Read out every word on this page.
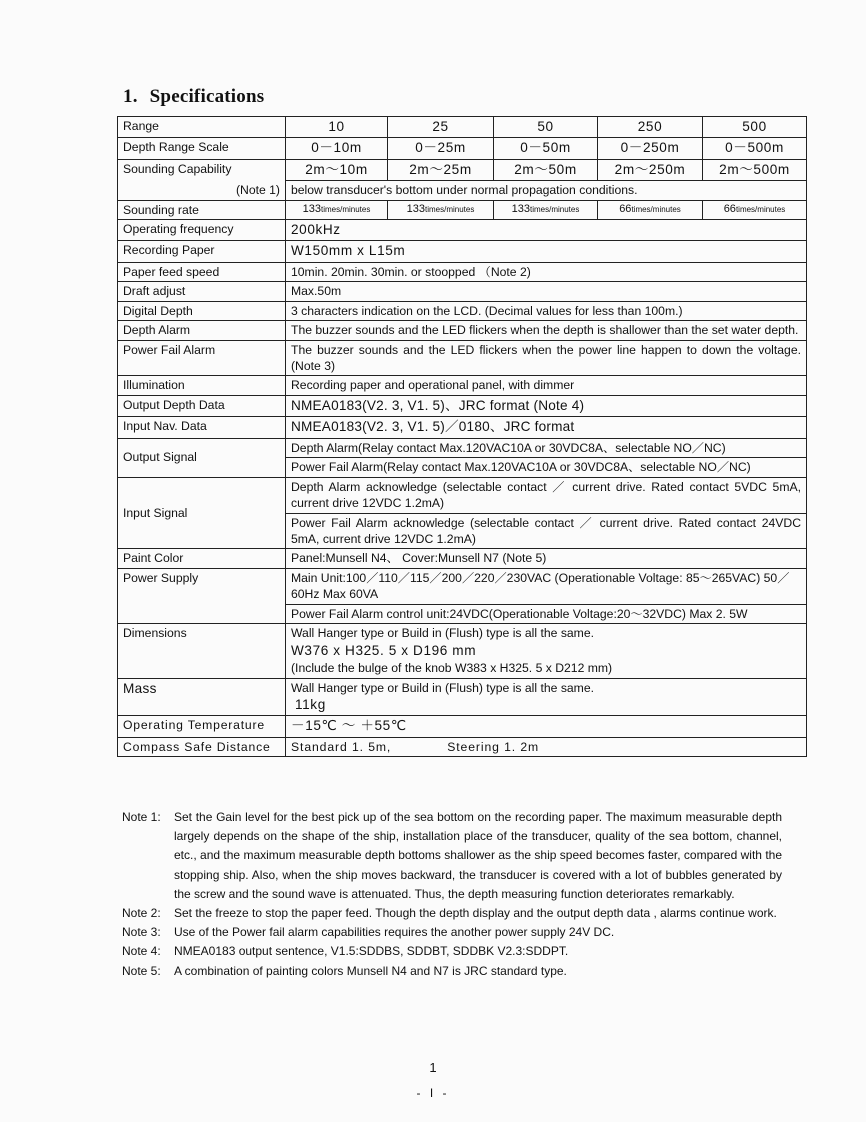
1. Specifications
Range	10	25	50	250	500
Depth Range Scale	0－10m	0－25m	0－50m	0－250m	0－500m
Sounding Capability	2m～10m	2m～25m	2m～50m	2m～250m	2m～500m
(Note 1)	below transducer's bottom under normal propagation conditions.				
Sounding rate	133times/minutes	133times/minutes	133times/minutes	66times/minutes	66times/minutes
Operating frequency	200kHz				
Recording Paper	W150mm x L15m				
Paper feed speed	10min. 20min. 30min. or stoopped （Note 2)				
Draft adjust	Max.50m				
Digital Depth	3 characters indication on the LCD. (Decimal values for less than 100m.)				
Depth Alarm	The buzzer sounds and the LED flickers when the depth is shallower than the set water depth.				
Power Fail Alarm	The buzzer sounds and the LED flickers when the power line happen to down the voltage. (Note 3)				
Illumination	Recording paper and operational panel, with dimmer				
Output Depth Data	NMEA0183(V2. 3, V1. 5)、JRC format (Note 4)				
Input Nav. Data	NMEA0183(V2. 3, V1. 5)／0180、JRC format				
Output Signal	Depth Alarm(Relay contact Max.120VAC10A or 30VDC8A、selectable NO／NC)				
	Power Fail Alarm(Relay contact Max.120VAC10A or 30VDC8A、selectable NO／NC)				
Input Signal	Depth Alarm acknowledge (selectable contact ／ current drive. Rated contact 5VDC 5mA, current drive 12VDC 1.2mA)				
	Power Fail Alarm acknowledge (selectable contact ／ current drive. Rated contact 24VDC 5mA, current drive 12VDC 1.2mA)				
Paint Color	Panel:Munsell N4、 Cover:Munsell N7 (Note 5)				
Power Supply	Main Unit:100／110／115／200／220／230VAC (Operationable Voltage: 85～265VAC) 50／60Hz Max 60VA				
	Power Fail Alarm control unit:24VDC(Operationable Voltage:20～32VDC) Max 2. 5W				
Dimensions	Wall Hanger type or Build in (Flush) type is all the same.
W376 x H325. 5 x D196 mm
(Include the bulge of the knob W383 x H325. 5 x D212 mm)				

Mass	Wall Hanger type or Build in (Flush) type is all the same.
11kg				

Operating Temperature	－15℃ ～ ＋55℃				
Compass Safe Distance	Standard 1. 5m, Steering 1. 2m				
Note 1:	Set the Gain level for the best pick up of the sea bottom on the recording paper. The maximum measurable depth largely depends on the shape of the ship, installation place of the transducer, quality of the sea bottom, channel, etc., and the maximum measurable depth bottoms shallower as the ship speed becomes faster, compared with the stopping ship. Also, when the ship moves backward, the transducer is covered with a lot of bubbles generated by the screw and the sound wave is attenuated. Thus, the depth measuring function deteriorates remarkably.
Note 2:	Set the freeze to stop the paper feed. Though the depth display and the output depth data , alarms continue work.
Note 3:	Use of the Power fail alarm capabilities requires the another power supply 24V DC.
Note 4:	NMEA0183 output sentence, V1.5:SDDBS, SDDBT, SDDBK V2.3:SDDPT.
Note 5:	A combination of painting colors Munsell N4 and N7 is JRC standard type.
1
- I -
